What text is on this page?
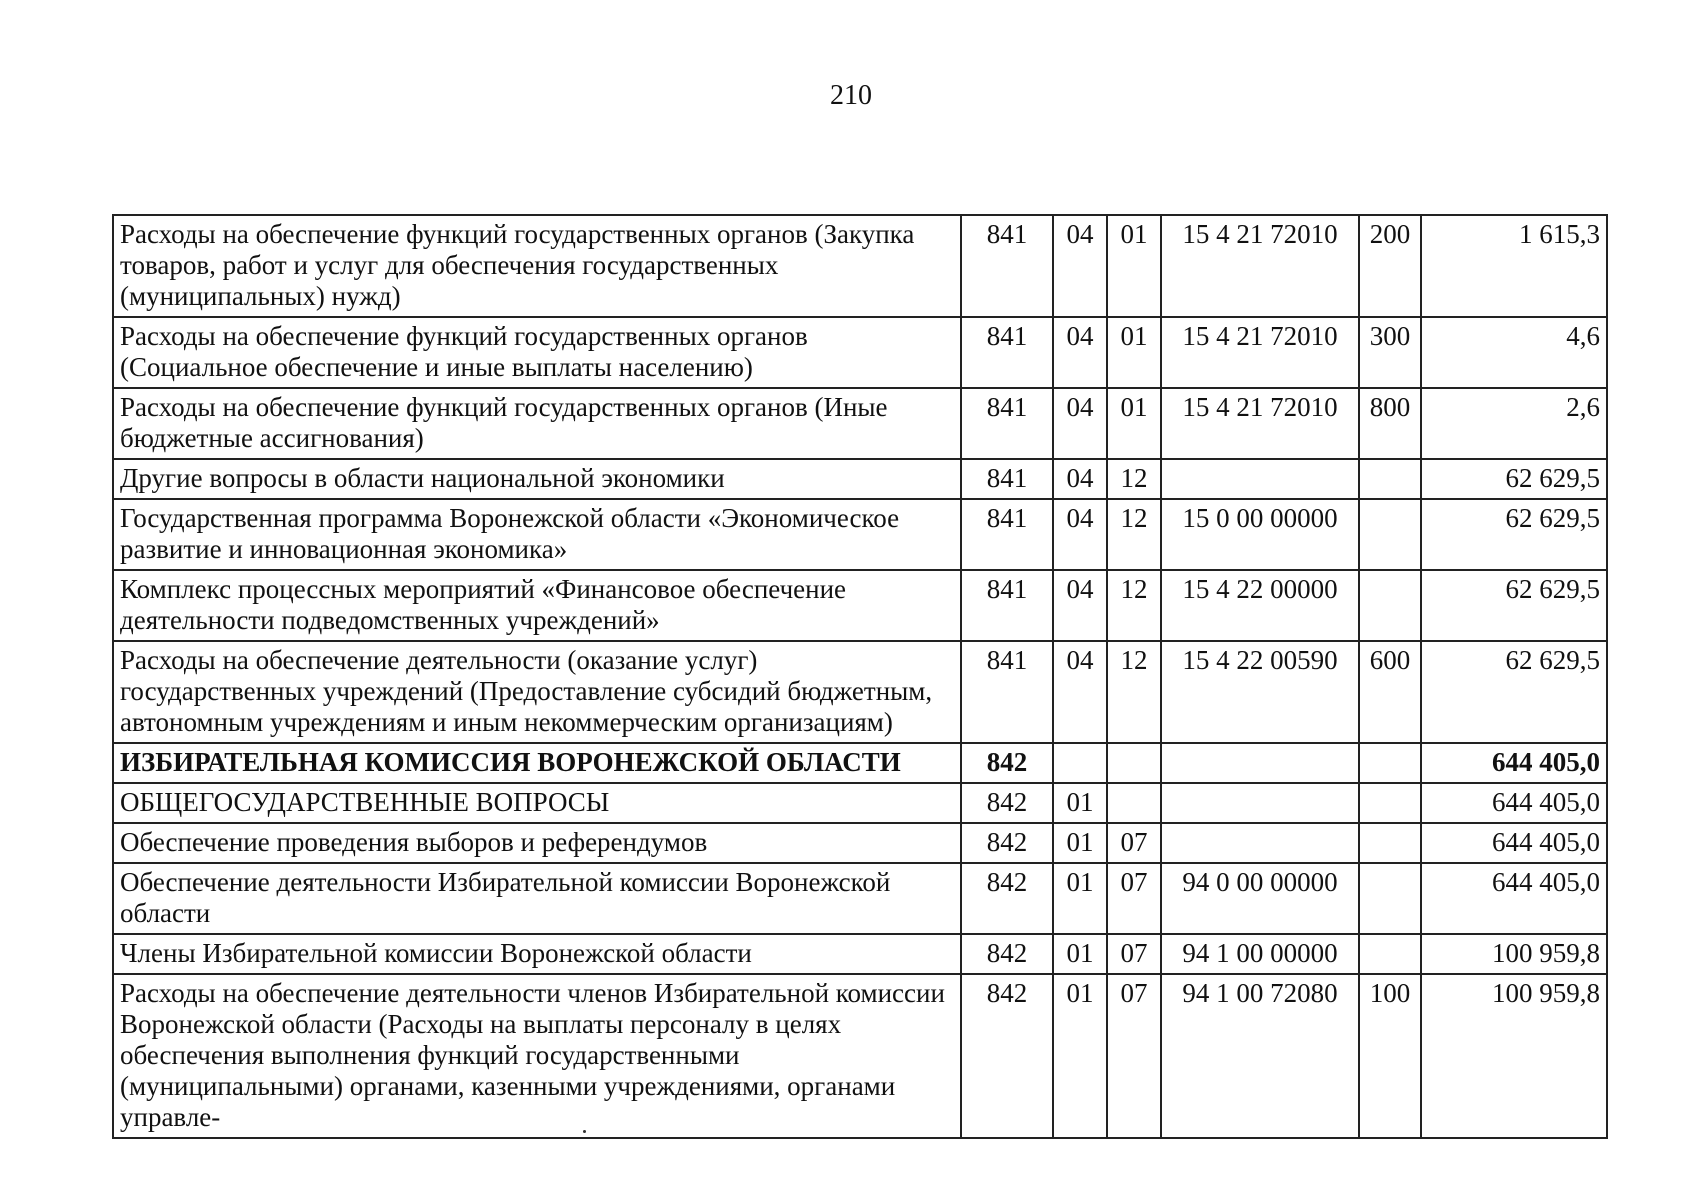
210
Расходы на обеспечение функций государственных органов (Закупка товаров, работ и услуг для обеспечения государственных (муниципальных) нужд)	841	04	01	15 4 21 72010	200	1 615,3
Расходы на обеспечение функций государственных органов (Социальное обеспечение и иные выплаты населению)	841	04	01	15 4 21 72010	300	4,6
Расходы на обеспечение функций государственных органов (Иные бюджетные ассигнования)	841	04	01	15 4 21 72010	800	2,6
Другие вопросы в области национальной экономики	841	04	12			62 629,5
Государственная программа Воронежской области «Экономическое развитие и инновационная экономика»	841	04	12	15 0 00 00000		62 629,5
Комплекс процессных мероприятий «Финансовое обеспечение деятельности подведомственных учреждений»	841	04	12	15 4 22 00000		62 629,5
Расходы на обеспечение деятельности (оказание услуг) государственных учреждений (Предоставление субсидий бюджетным, автономным учреждениям и иным некоммерческим организациям)	841	04	12	15 4 22 00590	600	62 629,5
ИЗБИРАТЕЛЬНАЯ КОМИССИЯ ВОРОНЕЖСКОЙ ОБЛАСТИ	842					644 405,0
ОБЩЕГОСУДАРСТВЕННЫЕ ВОПРОСЫ	842	01				644 405,0
Обеспечение проведения выборов и референдумов	842	01	07			644 405,0
Обеспечение деятельности Избирательной комиссии Воронежской области	842	01	07	94 0 00 00000		644 405,0
Члены Избирательной комиссии Воронежской области	842	01	07	94 1 00 00000		100 959,8
Расходы на обеспечение деятельности членов Избирательной комиссии Воронежской области (Расходы на выплаты персоналу в целях обеспечения выполнения функций государственными (муниципальными) органами, казенными учреждениями, органами управле-	842	01	07	94 1 00 72080	100	100 959,8
